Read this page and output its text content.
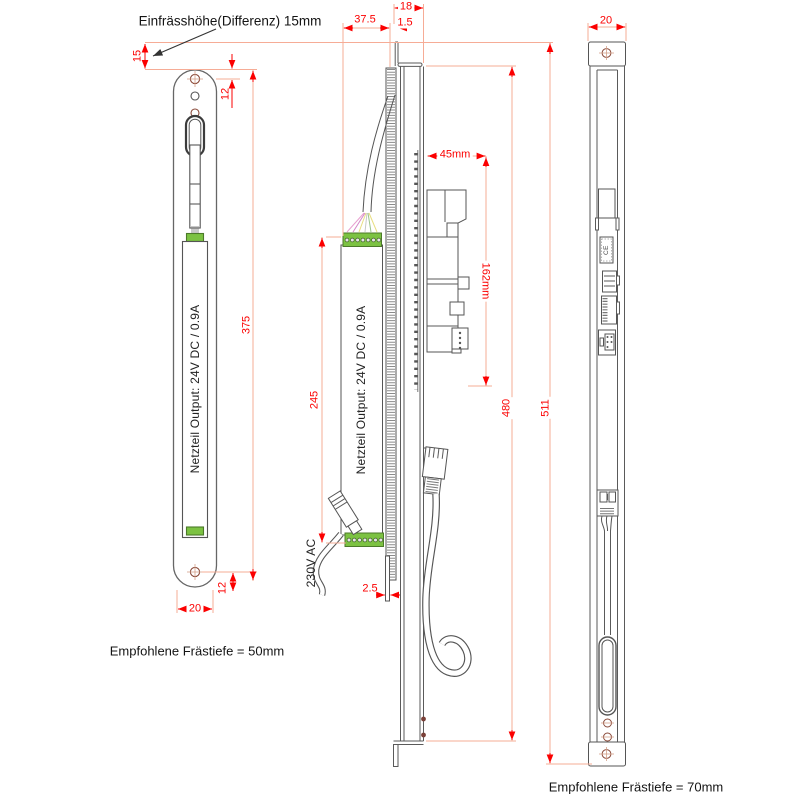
Einfrässhöhe(Differenz) 15mm
15
12
375
12
20
Netzteil Output: 24V DC / 0.9A
Empfohlene Frästiefe = 50mm
37.5 1.5
18
45mm
162mm
245
2.5
480 511
Netzteil Output: 24V DC / 0.9A
230V AC
20
CE
Empfohlene Frästiefe = 70mm
